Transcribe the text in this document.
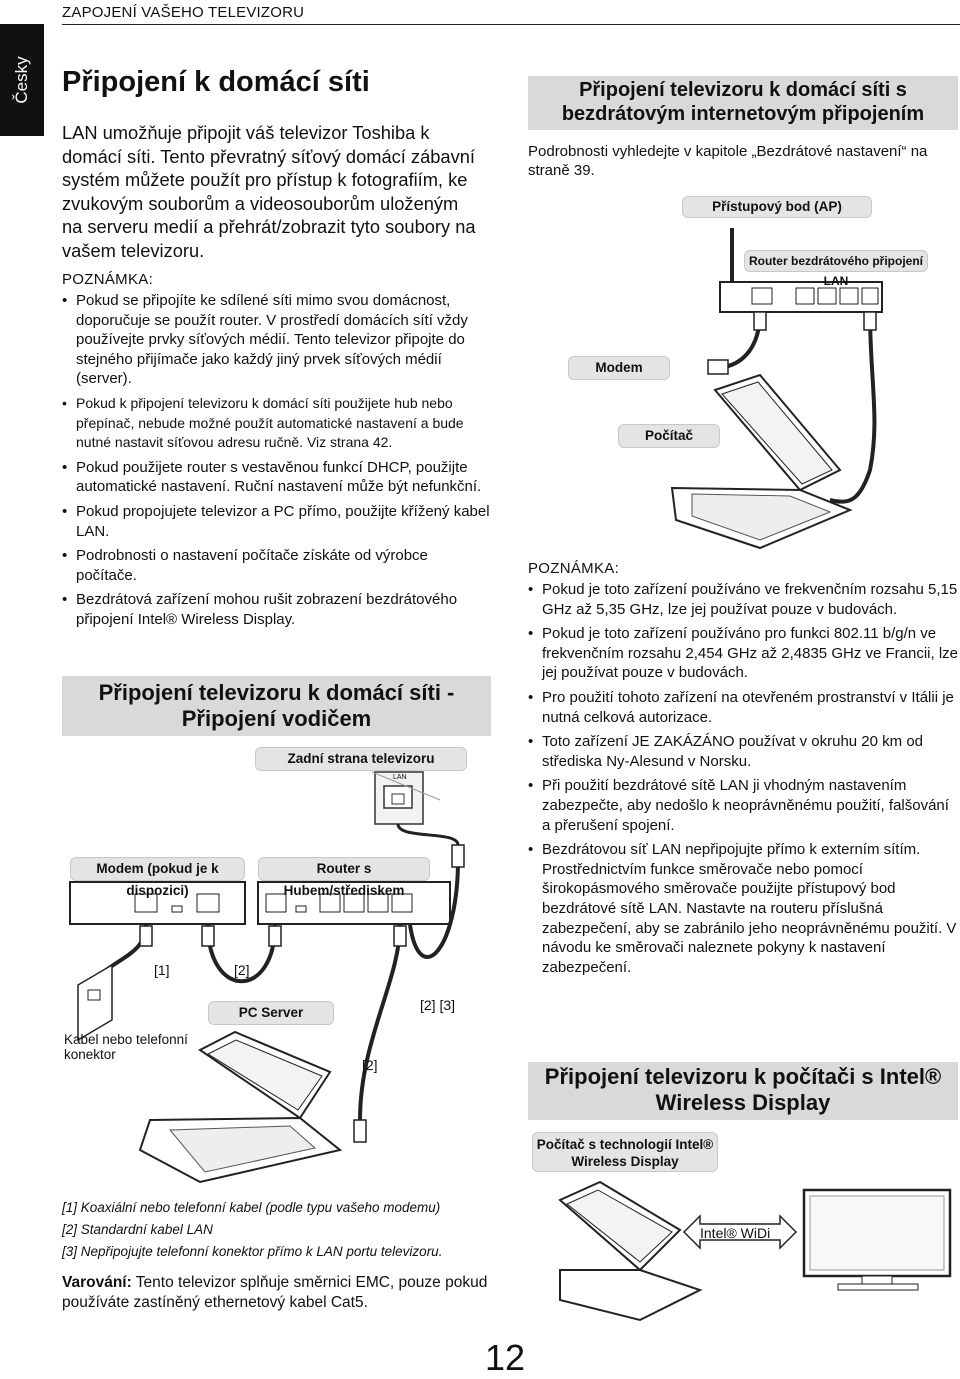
ZAPOJENÍ VAŠEHO TELEVIZORU
Česky Připojení k domácí síti
LAN umožňuje připojit váš televizor Toshiba k domácí síti. Tento převratný síťový domácí zábavní systém můžete použít pro přístup k fotografiím, ke zvukovým souborům a videosouborům uloženým na serveru medií a přehrát/zobrazit tyto soubory na vašem televizoru.
POZNÁMKA:
• Pokud se připojíte ke sdílené síti mimo svou domácnost, doporučuje se použít router. V prostředí domácích sítí vždy používejte prvky síťových médií. Tento televizor připojte do stejného přijímače jako každý jiný prvek síťových médií (server).
• Pokud k připojení televizoru k domácí síti použijete hub nebo přepínač, nebude možné použít automatické nastavení a bude nutné nastavit síťovou adresu ručně. Viz strana 42.
• Pokud použijete router s vestavěnou funkcí DHCP, použijte automatické nastavení. Ruční nastavení může být nefunkční.
• Pokud propojujete televizor a PC přímo, použijte křížený kabel LAN.
• Podrobnosti o nastavení počítače získáte od výrobce počítače.
• Bezdrátová zařízení mohou rušit zobrazení bezdrátového připojení Intel® Wireless Display.
Připojení televizoru k domácí síti - Připojení vodičem
Zadní strana televizoru
LAN
Modem (pokud je k dispozici)
Router s Hubem/střediskem
[1]	[2]
[2] [3]
[2]
PC Server
Kabel nebo telefonní konektor
[1] Koaxiální nebo telefonní kabel (podle typu vašeho modemu)
[2] Standardní kabel LAN
[3] Nepřipojujte telefonní konektor přímo k LAN portu televizoru.
Varování: Tento televizor splňuje směrnici EMC, pouze pokud používáte zastíněný ethernetový kabel Cat5.
Připojení televizoru k domácí síti s bezdrátovým internetovým připojením
Podrobnosti vyhledejte v kapitole „Bezdrátové nastavení“ na straně 39.
Přístupový bod (AP)
Router bezdrátového připojení LAN
Modem
Počítač
POZNÁMKA:
• Pokud je toto zařízení používáno ve frekvenčním rozsahu 5,15 GHz až 5,35 GHz, lze jej používat pouze v budovách.
• Pokud je toto zařízení používáno pro funkci 802.11 b/g/n ve frekvenčním rozsahu 2,454 GHz až 2,4835 GHz ve Francii, lze jej používat pouze v budovách.
• Pro použití tohoto zařízení na otevřeném prostranství v Itálii je nutná celková autorizace.
• Toto zařízení JE ZAKÁZÁNO používat v okruhu 20 km od střediska Ny-Alesund v Norsku.
• Při použití bezdrátové sítě LAN ji vhodným nastavením zabezpečte, aby nedošlo k neoprávněnému použití, falšování a přerušení spojení.
• Bezdrátovou síť LAN nepřipojujte přímo k externím sítím. Prostřednictvím funkce směrovače nebo pomocí širokopásmového směrovače použijte přístupový bod bezdrátové sítě LAN. Nastavte na routeru příslušná zabezpečení, aby se zabránilo jeho neoprávněnému použití. V návodu ke směrovači naleznete pokyny k nastavení zabezpečení.
Připojení televizoru k počítači s Intel® Wireless Display
Počítač s technologií Intel® Wireless Display
Intel® WiDi
12
